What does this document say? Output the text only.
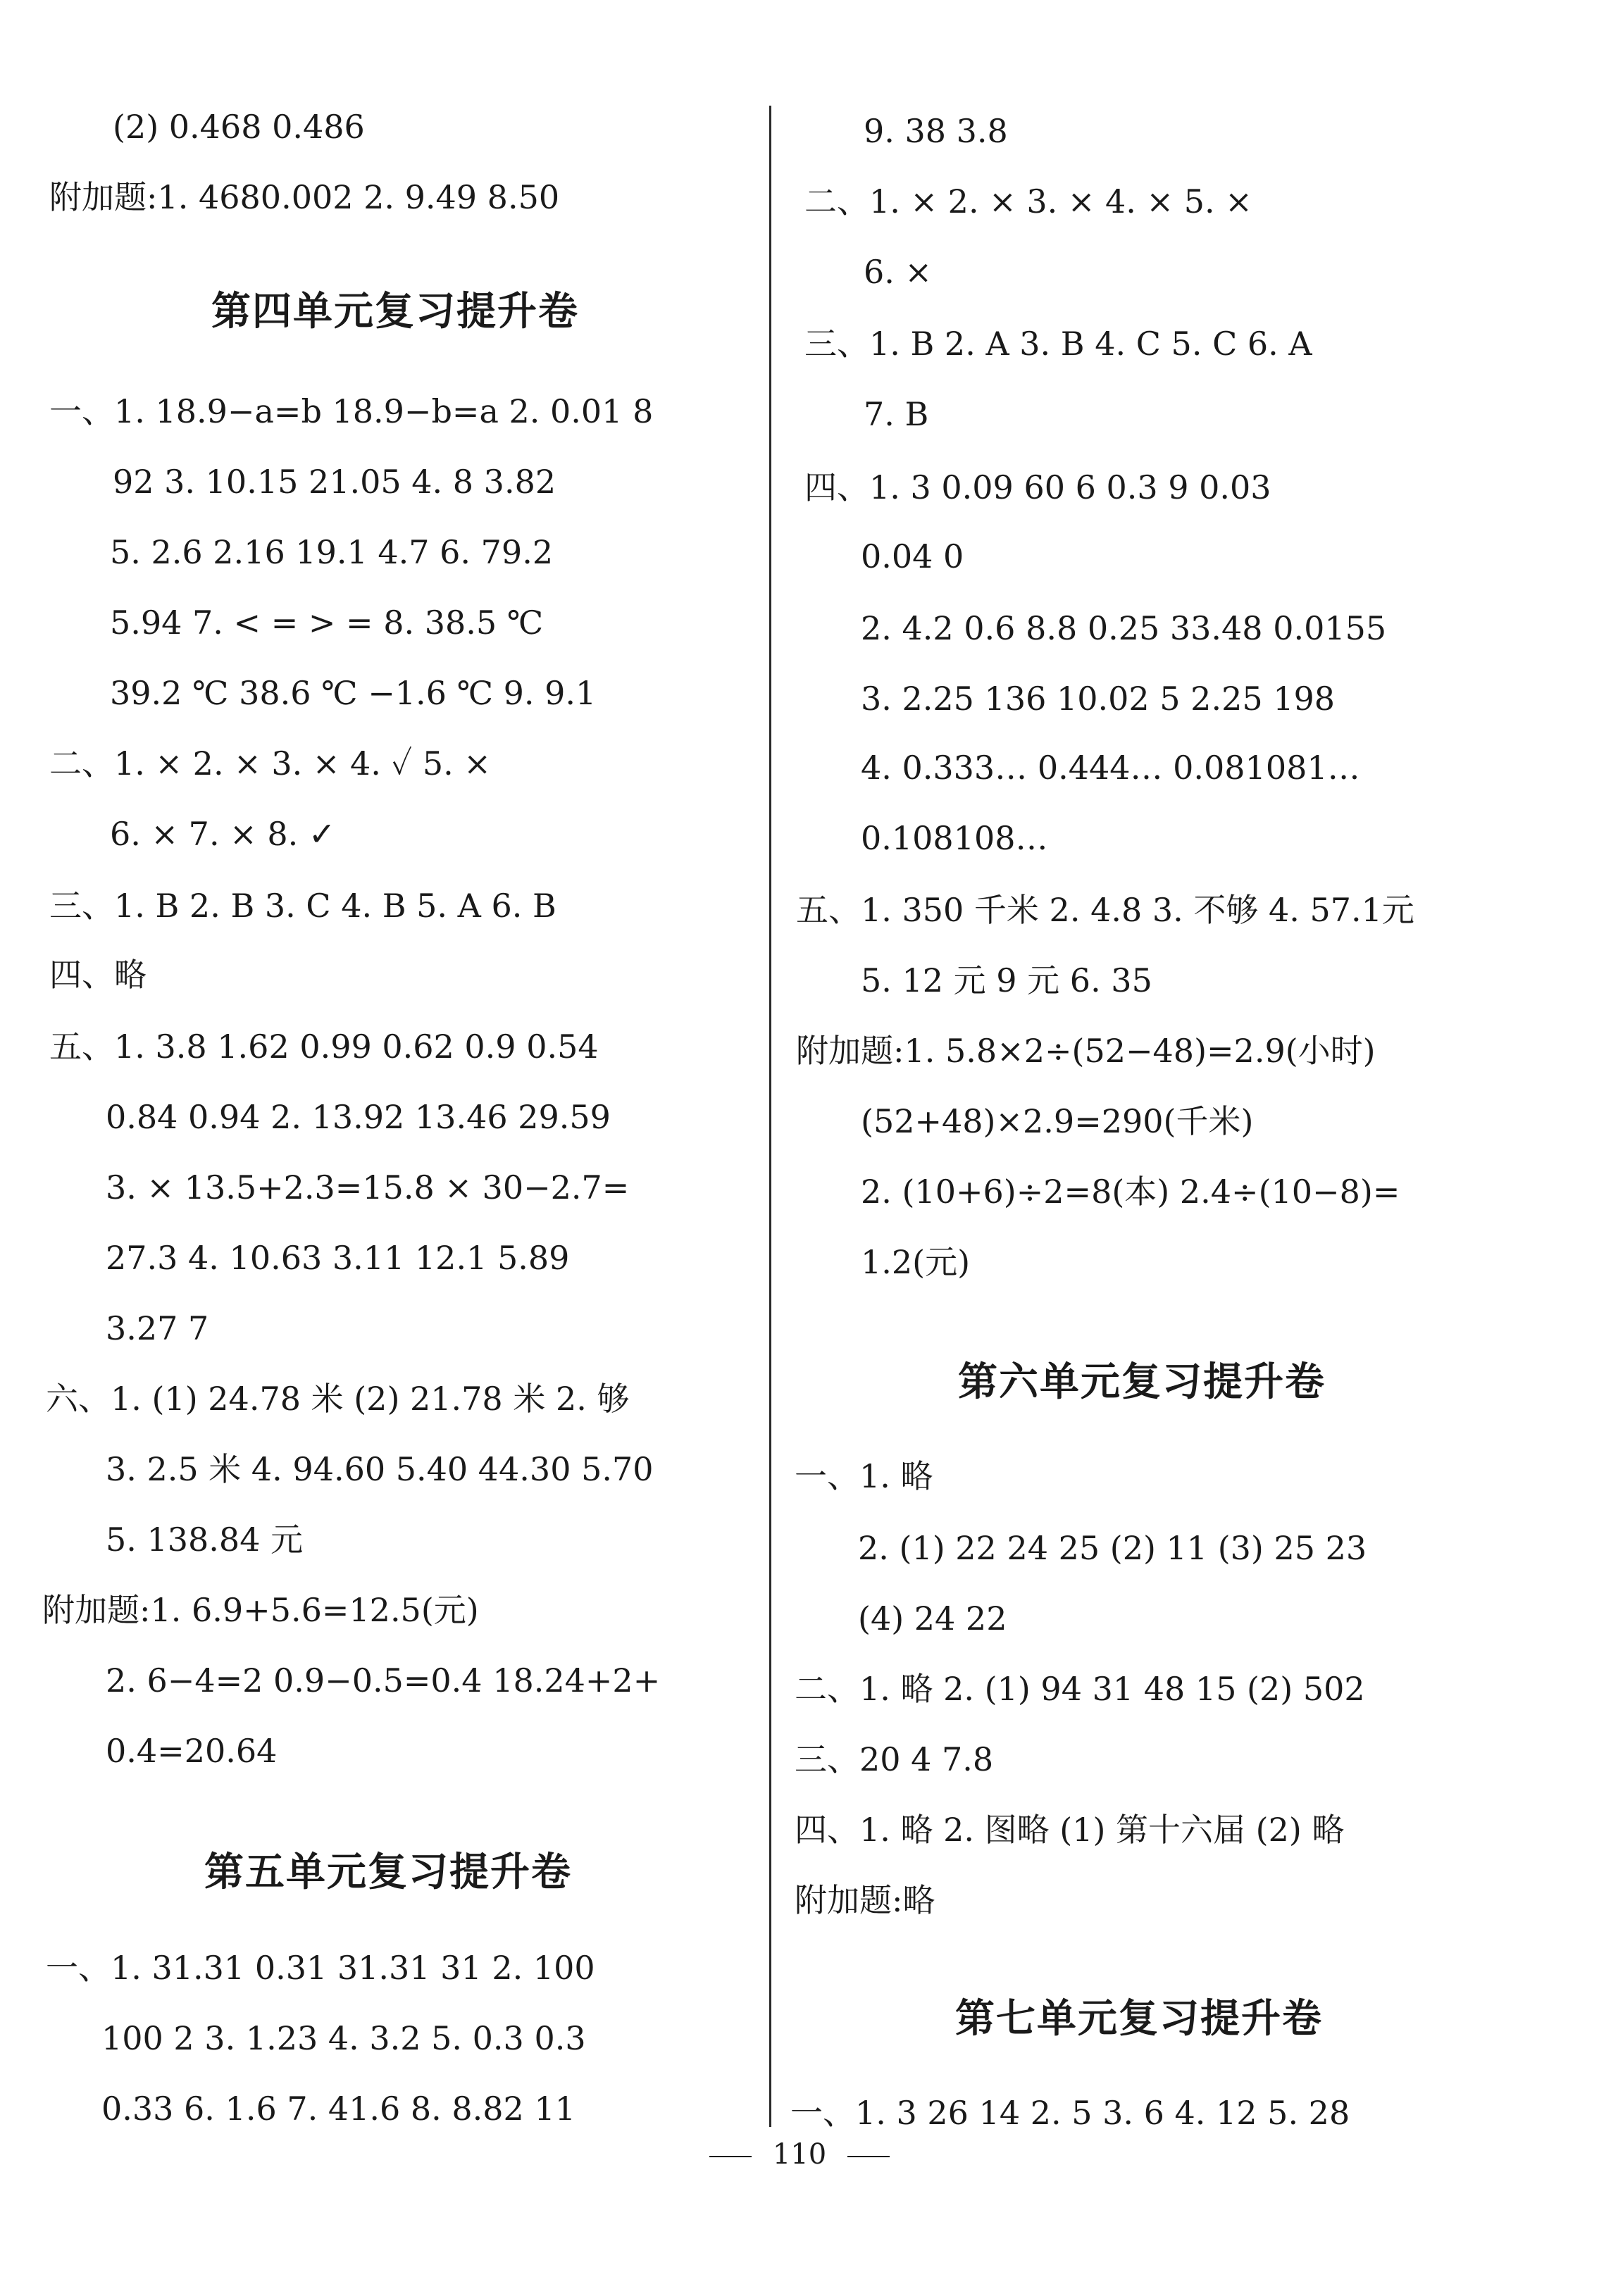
(2) 0.468 0.486
附加题:1. 4680.002 2. 9.49 8.50
第四单元复习提升卷
一、1. 18.9−a=b 18.9−b=a 2. 0.01 8
92 3. 10.15 21.05 4. 8 3.82
5. 2.6 2.16 19.1 4.7 6. 79.2
5.94 7. < = > = 8. 38.5 ℃
39.2 ℃ 38.6 ℃ −1.6 ℃ 9. 9.1
二、1. × 2. × 3. × 4. ✓ 5. ×
6. × 7. × 8. ✓
三、1. B 2. B 3. C 4. B 5. A 6. B
四、略
五、1. 3.8 1.62 0.99 0.62 0.9 0.54
0.84 0.94 2. 13.92 13.46 29.59
3. × 13.5+2.3=15.8 × 30−2.7=
27.3 4. 10.63 3.11 12.1 5.89
3.27 7
六、1. (1) 24.78 米 (2) 21.78 米 2. 够
3. 2.5 米 4. 94.60 5.40 44.30 5.70
5. 138.84 元
附加题:1. 6.9+5.6=12.5(元)
2. 6−4=2 0.9−0.5=0.4 18.24+2+
0.4=20.64
第五单元复习提升卷
一、1. 31.31 0.31 31.31 31 2. 100
100 2 3. 1.23 4. 3.2 5. 0.3 0.3
0.33 6. 1.6 7. 41.6 8. 8.82 11
9. 38 3.8
二、1. × 2. × 3. × 4. × 5. ×
6. ×
三、1. B 2. A 3. B 4. C 5. C 6. A
7. B
四、1. 3 0.09 60 6 0.3 9 0.03
0.04 0
2. 4.2 0.6 8.8 0.25 33.48 0.0155
3. 2.25 136 10.02 5 2.25 198
4. 0.333… 0.444… 0.081081…
0.108108…
五、1. 350 千米 2. 4.8 3. 不够 4. 57.1元
5. 12 元 9 元 6. 35
附加题:1. 5.8×2÷(52−48)=2.9(小时)
(52+48)×2.9=290(千米)
2. (10+6)÷2=8(本) 2.4÷(10−8)=
1.2(元)
第六单元复习提升卷
一、1. 略
2. (1) 22 24 25 (2) 11 (3) 25 23
(4) 24 22
二、1. 略 2. (1) 94 31 48 15 (2) 502
三、20 4 7.8
四、1. 略 2. 图略 (1) 第十六届 (2) 略
附加题:略
第七单元复习提升卷
一、1. 3 26 14 2. 5 3. 6 4. 12 5. 28
110
